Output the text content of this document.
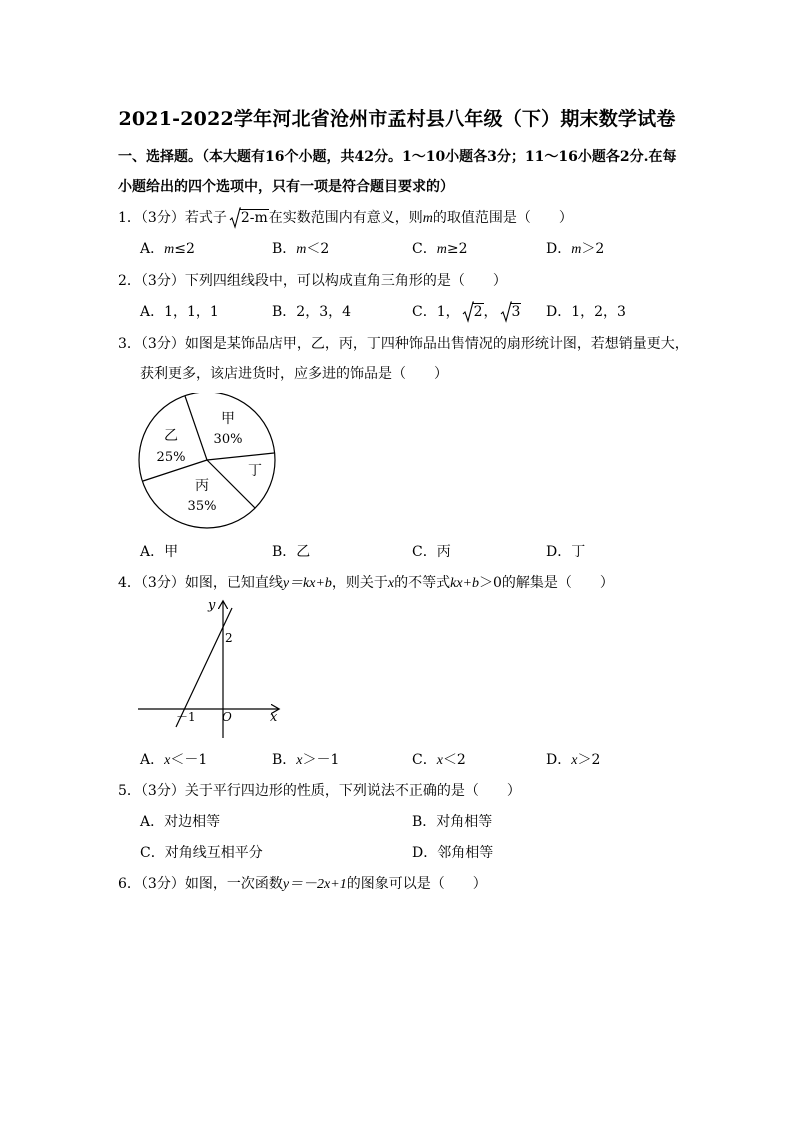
2021-2022学年河北省沧州市孟村县八年级（下）期末数学试卷
一、选择题。（本大题有16个小题，共42分。1～10小题各3分；11～16小题各2分.在每
小题给出的四个选项中，只有一项是符合题目要求的）
1．（3分）若式子 2-m在实数范围内有意义，则m的取值范围是（　　）
A．m≤2	B．m＜2	C．m≥2	D．m＞2
2．（3分）下列四组线段中，可以构成直角三角形的是（　　）
A．1，1，1	B．2，3，4	C．1， 2， 3 D．1，2，3
3．（3分）如图是某饰品店甲，乙，丙，丁四种饰品出售情况的扇形统计图，若想销量更大，
获利更多，该店进货时，应多进的饰品是（　　）
甲
30%
乙
25%
丙
35%
丁
A．甲	B．乙	C．丙	D．丁
4．（3分）如图，已知直线y＝kx+b，则关于x的不等式kx+b＞0的解集是（　　）
y
x
O
2
－1
A．x＜－1	B．x＞－1	C．x＜2	D．x＞2
5．（3分）关于平行四边形的性质，下列说法不正确的是（　　）
A．对边相等	B．对角相等
C．对角线互相平分	D．邻角相等
6．（3分）如图，一次函数y＝－2x+1的图象可以是（　　）
